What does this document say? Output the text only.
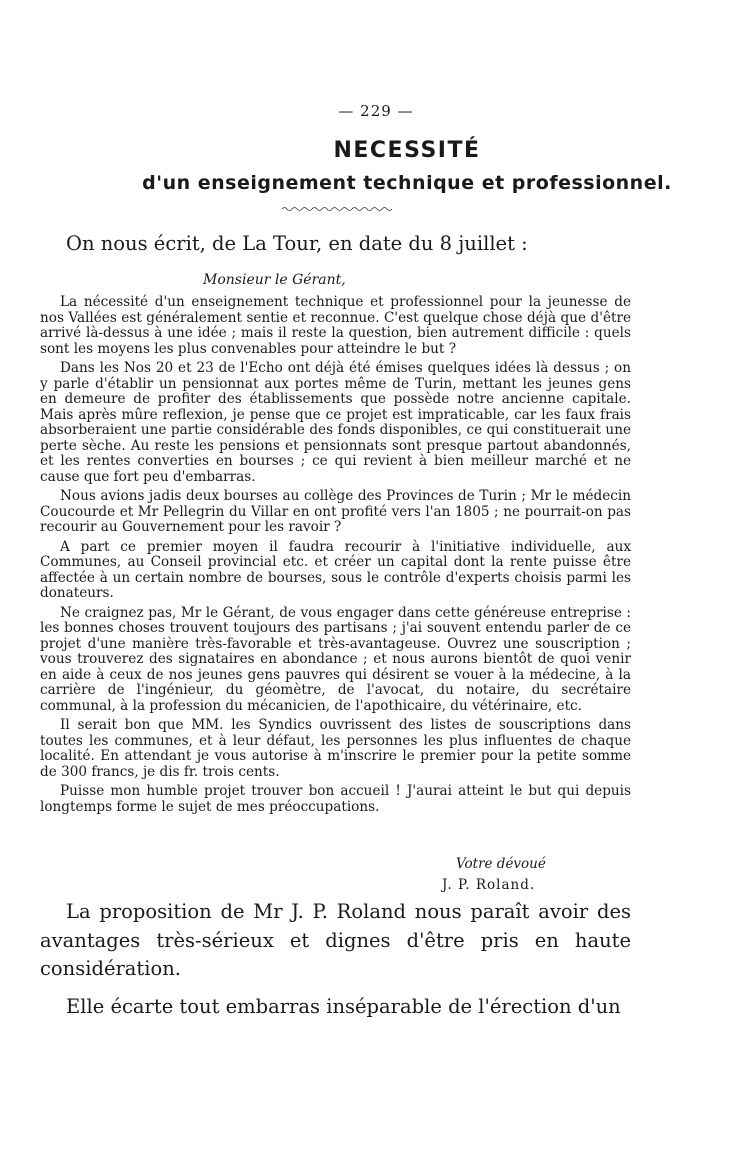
— 229 —
NECESSITÉ
d'un enseignement technique et professionnel.
On nous écrit, de La Tour, en date du 8 juillet :
Monsieur le Gérant,

La nécessité d'un enseignement technique et professionnel pour la jeunesse de nos Vallées est généralement sentie et reconnue. C'est quelque chose déjà que d'être arrivé là-dessus à une idée ; mais il reste la question, bien autrement difficile : quels sont les moyens les plus convenables pour atteindre le but ?

Dans les Nos 20 et 23 de l'Echo ont déjà été émises quelques idées là dessus ; on y parle d'établir un pensionnat aux portes même de Turin, mettant les jeunes gens en demeure de profiter des établissements que possède notre ancienne capitale. Mais après mûre reflexion, je pense que ce projet est impraticable, car les faux frais absorberaient une partie considérable des fonds disponibles, ce qui constituerait une perte sèche. Au reste les pensions et pensionnats sont presque partout abandonnés, et les rentes converties en bourses ; ce qui revient à bien meilleur marché et ne cause que fort peu d'embarras.

Nous avions jadis deux bourses au collège des Provinces de Turin ; Mr le médecin Coucourde et Mr Pellegrin du Villar en ont profité vers l'an 1805 ; ne pourrait-on pas recourir au Gouvernement pour les ravoir ?

A part ce premier moyen il faudra recourir à l'initiative individuelle, aux Communes, au Conseil provincial etc. et créer un capital dont la rente puisse être affectée à un certain nombre de bourses, sous le contrôle d'experts choisis parmi les donateurs.

Ne craignez pas, Mr le Gérant, de vous engager dans cette généreuse entreprise : les bonnes choses trouvent toujours des partisans ; j'ai souvent entendu parler de ce projet d'une manière très-favorable et très-avantageuse. Ouvrez une souscription ; vous trouverez des signataires en abondance ; et nous aurons bientôt de quoi venir en aide à ceux de nos jeunes gens pauvres qui désirent se vouer à la médecine, à la carrière de l'ingénieur, du géomètre, de l'avocat, du notaire, du secrétaire communal, à la profession du mécanicien, de l'apothicaire, du vétérinaire, etc.

Il serait bon que MM. les Syndics ouvrissent des listes de souscriptions dans toutes les communes, et à leur défaut, les personnes les plus influentes de chaque localité. En attendant je vous autorise à m'inscrire le premier pour la petite somme de 300 francs, je dis fr. trois cents.

Puisse mon humble projet trouver bon accueil ! J'aurai atteint le but qui depuis longtemps forme le sujet de mes préoccupations.

Votre dévoué
J. P. Roland.

La proposition de Mr J. P. Roland nous paraît avoir des avantages très-sérieux et dignes d'être pris en haute considération.

Elle écarte tout embarras inséparable de l'érection d'un
